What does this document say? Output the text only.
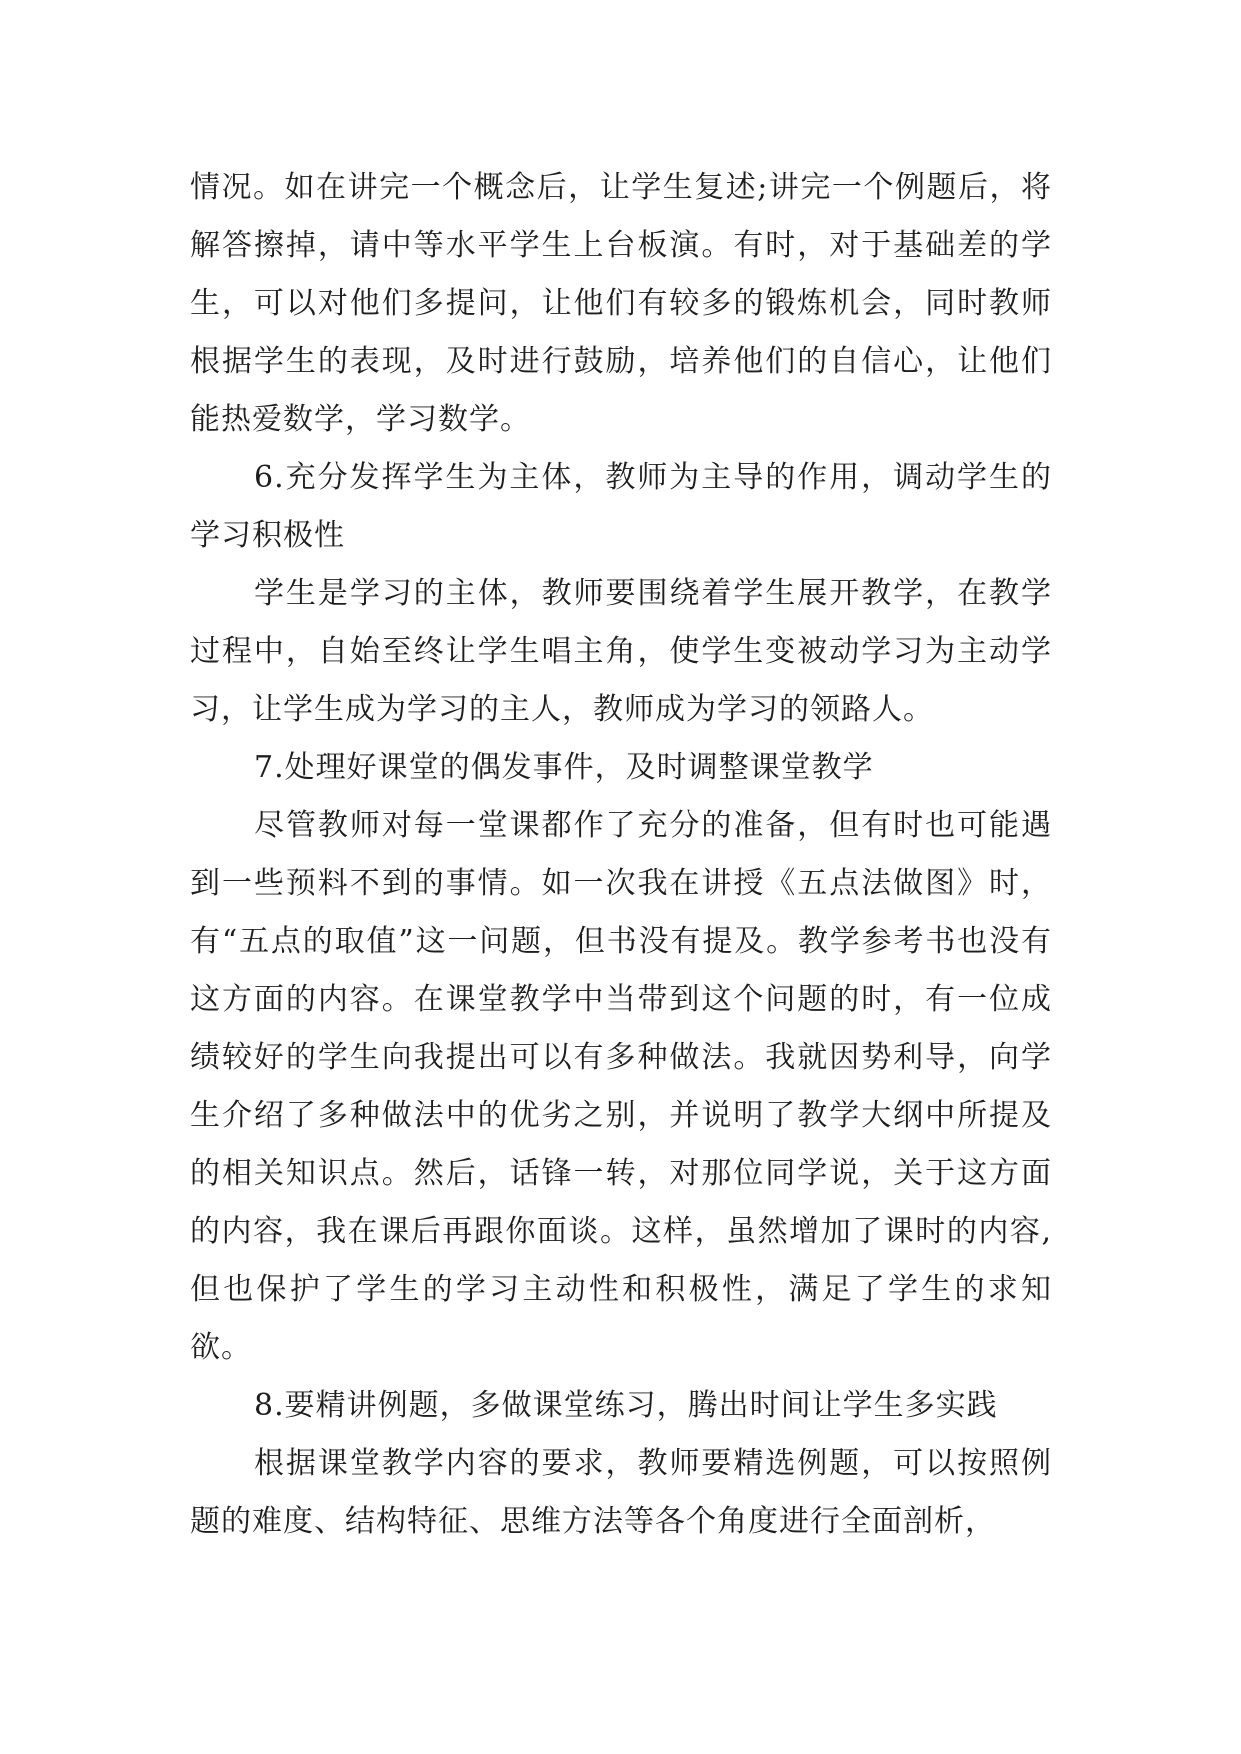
情况。如在讲完一个概念后，让学生复述;讲完一个例题后，将解答擦掉，请中等水平学生上台板演。有时，对于基础差的学生，可以对他们多提问，让他们有较多的锻炼机会，同时教师根据学生的表现，及时进行鼓励，培养他们的自信心，让他们能热爱数学，学习数学。

6.充分发挥学生为主体，教师为主导的作用，调动学生的学习积极性

学生是学习的主体，教师要围绕着学生展开教学，在教学过程中，自始至终让学生唱主角，使学生变被动学习为主动学习，让学生成为学习的主人，教师成为学习的领路人。

7.处理好课堂的偶发事件，及时调整课堂教学

尽管教师对每一堂课都作了充分的准备，但有时也可能遇到一些预料不到的事情。如一次我在讲授《五点法做图》时，有“五点的取值”这一问题，但书没有提及。教学参考书也没有这方面的内容。在课堂教学中当带到这个问题的时，有一位成绩较好的学生向我提出可以有多种做法。我就因势利导，向学生介绍了多种做法中的优劣之别，并说明了教学大纲中所提及的相关知识点。然后，话锋一转，对那位同学说，关于这方面的内容，我在课后再跟你面谈。这样，虽然增加了课时的内容,但也保护了学生的学习主动性和积极性，满足了学生的求知欲。

8.要精讲例题，多做课堂练习，腾出时间让学生多实践

根据课堂教学内容的要求，教师要精选例题，可以按照例题的难度、结构特征、思维方法等各个角度进行全面剖析，
